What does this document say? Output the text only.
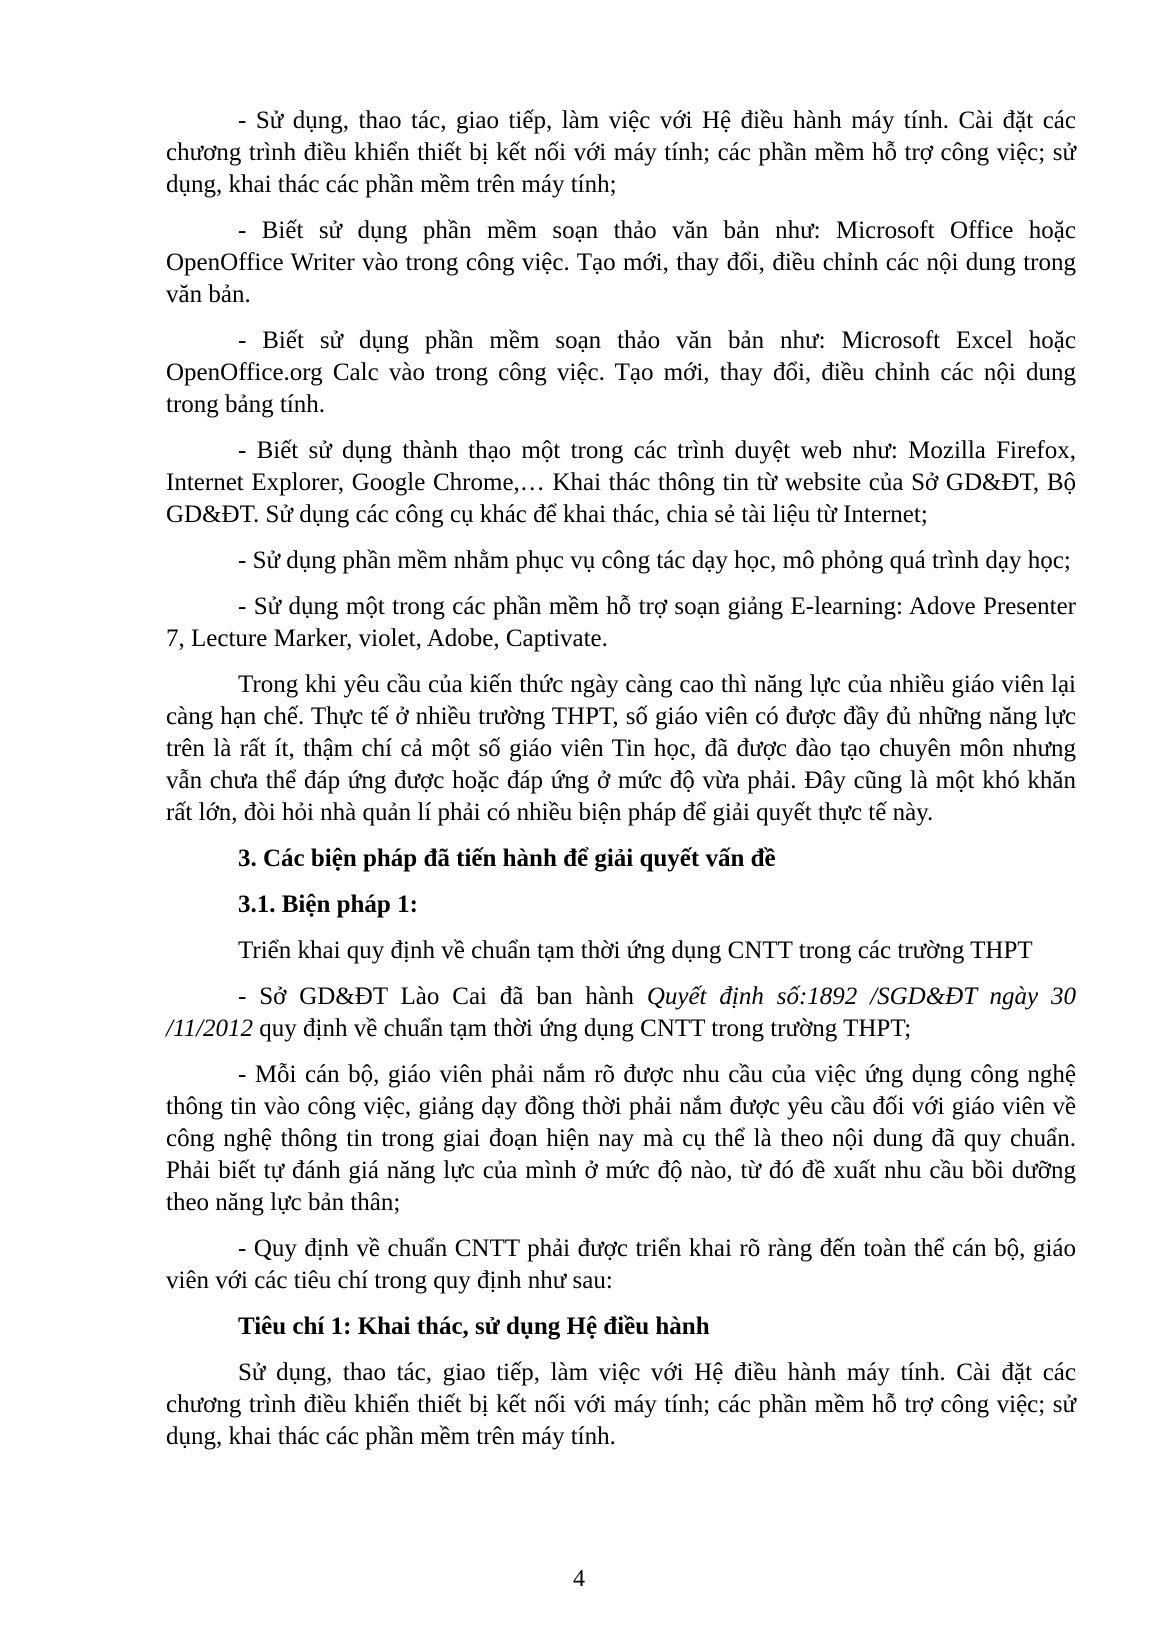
- Sử dụng, thao tác, giao tiếp, làm việc với Hệ điều hành máy tính. Cài đặt các chương trình điều khiển thiết bị kết nối với máy tính; các phần mềm hỗ trợ công việc; sử dụng, khai thác các phần mềm trên máy tính;

- Biết sử dụng phần mềm soạn thảo văn bản như: Microsoft Office hoặc OpenOffice Writer vào trong công việc. Tạo mới, thay đổi, điều chỉnh các nội dung trong văn bản.

- Biết sử dụng phần mềm soạn thảo văn bản như: Microsoft Excel hoặc OpenOffice.org Calc vào trong công việc. Tạo mới, thay đổi, điều chỉnh các nội dung trong bảng tính.

- Biết sử dụng thành thạo một trong các trình duyệt web như: Mozilla Firefox, Internet Explorer, Google Chrome,… Khai thác thông tin từ website của Sở GD&ĐT, Bộ GD&ĐT. Sử dụng các công cụ khác để khai thác, chia sẻ tài liệu từ Internet;

- Sử dụng phần mềm nhằm phục vụ công tác dạy học, mô phỏng quá trình dạy học;

- Sử dụng một trong các phần mềm hỗ trợ soạn giảng E-learning: Adove Presenter 7, Lecture Marker, violet, Adobe, Captivate.

Trong khi yêu cầu của kiến thức ngày càng cao thì năng lực của nhiều giáo viên lại càng hạn chế. Thực tế ở nhiều trường THPT, số giáo viên có được đầy đủ những năng lực trên là rất ít, thậm chí cả một số giáo viên Tin học, đã được đào tạo chuyên môn nhưng vẫn chưa thể đáp ứng được hoặc đáp ứng ở mức độ vừa phải. Đây cũng là một khó khăn rất lớn, đòi hỏi nhà quản lí phải có nhiều biện pháp để giải quyết thực tế này.

3. Các biện pháp đã tiến hành để giải quyết vấn đề

3.1. Biện pháp 1:

Triển khai quy định về chuẩn tạm thời ứng dụng CNTT trong các trường THPT

- Sở GD&ĐT Lào Cai đã ban hành Quyết định số:1892 /SGD&ĐT ngày 30 /11/2012 quy định về chuẩn tạm thời ứng dụng CNTT trong trường THPT;

- Mỗi cán bộ, giáo viên phải nắm rõ được nhu cầu của việc ứng dụng công nghệ thông tin vào công việc, giảng dạy đồng thời phải nắm được yêu cầu đối với giáo viên về công nghệ thông tin trong giai đoạn hiện nay mà cụ thể là theo nội dung đã quy chuẩn. Phải biết tự đánh giá năng lực của mình ở mức độ nào, từ đó đề xuất nhu cầu bồi dưỡng theo năng lực bản thân;

- Quy định về chuẩn CNTT phải được triển khai rõ ràng đến toàn thể cán bộ, giáo viên với các tiêu chí trong quy định như sau:

Tiêu chí 1: Khai thác, sử dụng Hệ điều hành

Sử dụng, thao tác, giao tiếp, làm việc với Hệ điều hành máy tính. Cài đặt các chương trình điều khiển thiết bị kết nối với máy tính; các phần mềm hỗ trợ công việc; sử dụng, khai thác các phần mềm trên máy tính.

4
